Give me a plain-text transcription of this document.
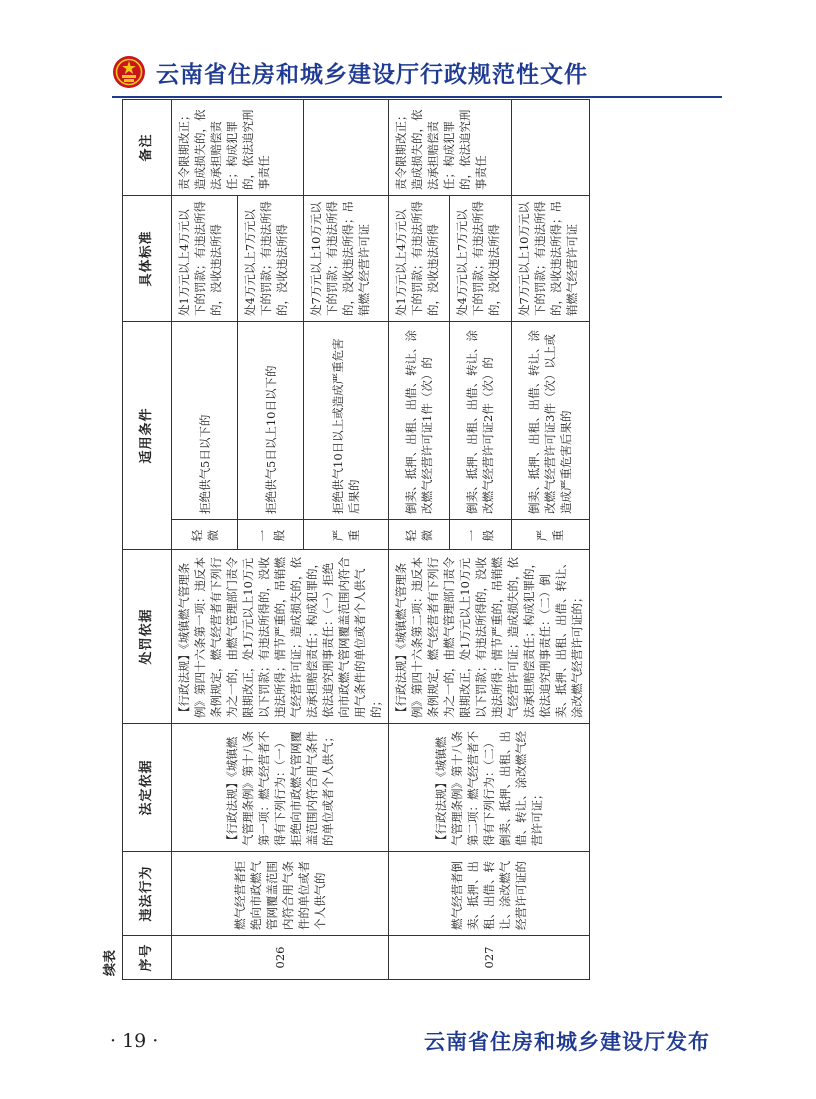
云南省住房和城乡建设厅行政规范性文件
续表	序号	违法行为	法定依据	处罚依据	适用条件		具体标准	备注
026	燃气经营者拒绝向市政燃气管网覆盖范围内符合用气条件的单位或者个人供气的	【行政法规】《城镇燃气管理条例》第十八条第一项：燃气经营者不得有下列行为：（一）拒绝向市政燃气管网覆盖范围内符合用气条件的单位或者个人供气；	【行政法规】《城镇燃气管理条例》第四十六条第一项：违反本条例规定，燃气经营者有下列行为之一的，由燃气管理部门责令限期改正，处1万元以上10万元以下罚款；有违法所得的，没收违法所得；情节严重的，吊销燃气经营许可证；造成损失的，依法承担赔偿责任；构成犯罪的，依法追究刑事责任：（一）拒绝向市政燃气管网覆盖范围内符合用气条件的单位或者个人供气的；	轻微	拒绝供气5日以下的	处1万元以上4万元以下的罚款；有违法所得的，没收违法所得	责令限期改正；造成损失的，依法承担赔偿责任；构成犯罪的，依法追究刑事责任
				一般	拒绝供气5日以上10日以下的	处4万元以上7万元以下的罚款；有违法所得的，没收违法所得	
				严重	拒绝供气10日以上或造成严重危害后果的	处7万元以上10万元以下的罚款；有违法所得的，没收违法所得；吊销燃气经营许可证	
027	燃气经营者倒卖、抵押、出租、出借、转让、涂改燃气经营许可证的	【行政法规】《城镇燃气管理条例》第十八条第二项：燃气经营者不得有下列行为：（二）倒卖、抵押、出租、出借、转让、涂改燃气经营许可证；	【行政法规】《城镇燃气管理条例》第四十六条第二项：违反本条例规定，燃气经营者有下列行为之一的，由燃气管理部门责令限期改正，处1万元以上10万元以下罚款；有违法所得的，没收违法所得；情节严重的，吊销燃气经营许可证；造成损失的，依法承担赔偿责任；构成犯罪的，依法追究刑事责任：（二）倒卖、抵押、出租、出借、转让、涂改燃气经营许可证的；	轻微	倒卖、抵押、出租、出借、转让、涂改燃气经营许可证1件（次）的	处1万元以上4万元以下的罚款；有违法所得的，没收违法所得	责令限期改正；造成损失的，依法承担赔偿责任；构成犯罪的，依法追究刑事责任
				一般	倒卖、抵押、出租、出借、转让、涂改燃气经营许可证2件（次）的	处4万元以上7万元以下的罚款；有违法所得的，没收违法所得	
				严重	倒卖、抵押、出租、出借、转让、涂改燃气经营许可证3件（次）以上或造成严重危害后果的	处7万元以上10万元以下的罚款；有违法所得的，没收违法所得；吊销燃气经营许可证	
· 19 ·	云南省住房和城乡建设厅发布
